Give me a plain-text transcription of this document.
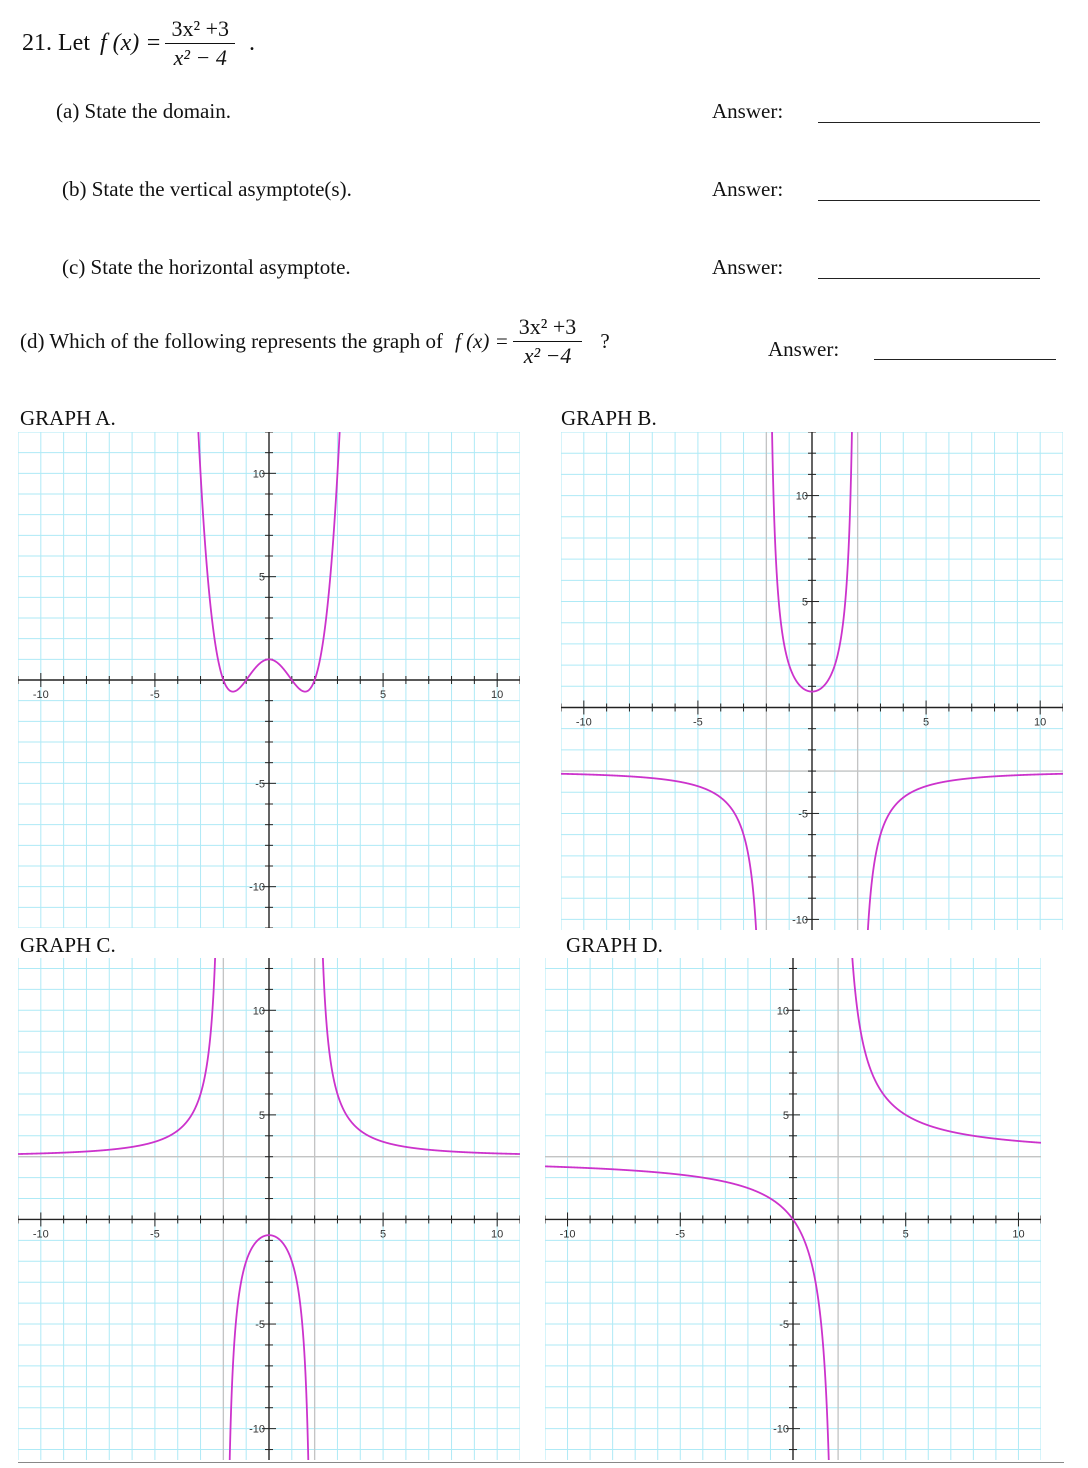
21. Let f $(x) = \frac{\text{3x² +3}}{\text{x² − 4}}$ .
(a) State the domain.	Answer:
(b) State the vertical asymptote(s).	Answer:
(c) State the horizontal asymptote.	Answer:
(d) Which of the following represents the graph of f $(x) = \frac{\text{3x² +3}}{\text{x² −4}}$ ?	Answer:
GRAPH A.	GRAPH B.
GRAPH C.	GRAPH D.
-10	-5	5	10
10
5
-5
-10
-10	-5	5	10
10
5
-5
-10
-10	-5	5	10
10
5
-5
-10
-10	-5	5	10
10
5
-5
-10
